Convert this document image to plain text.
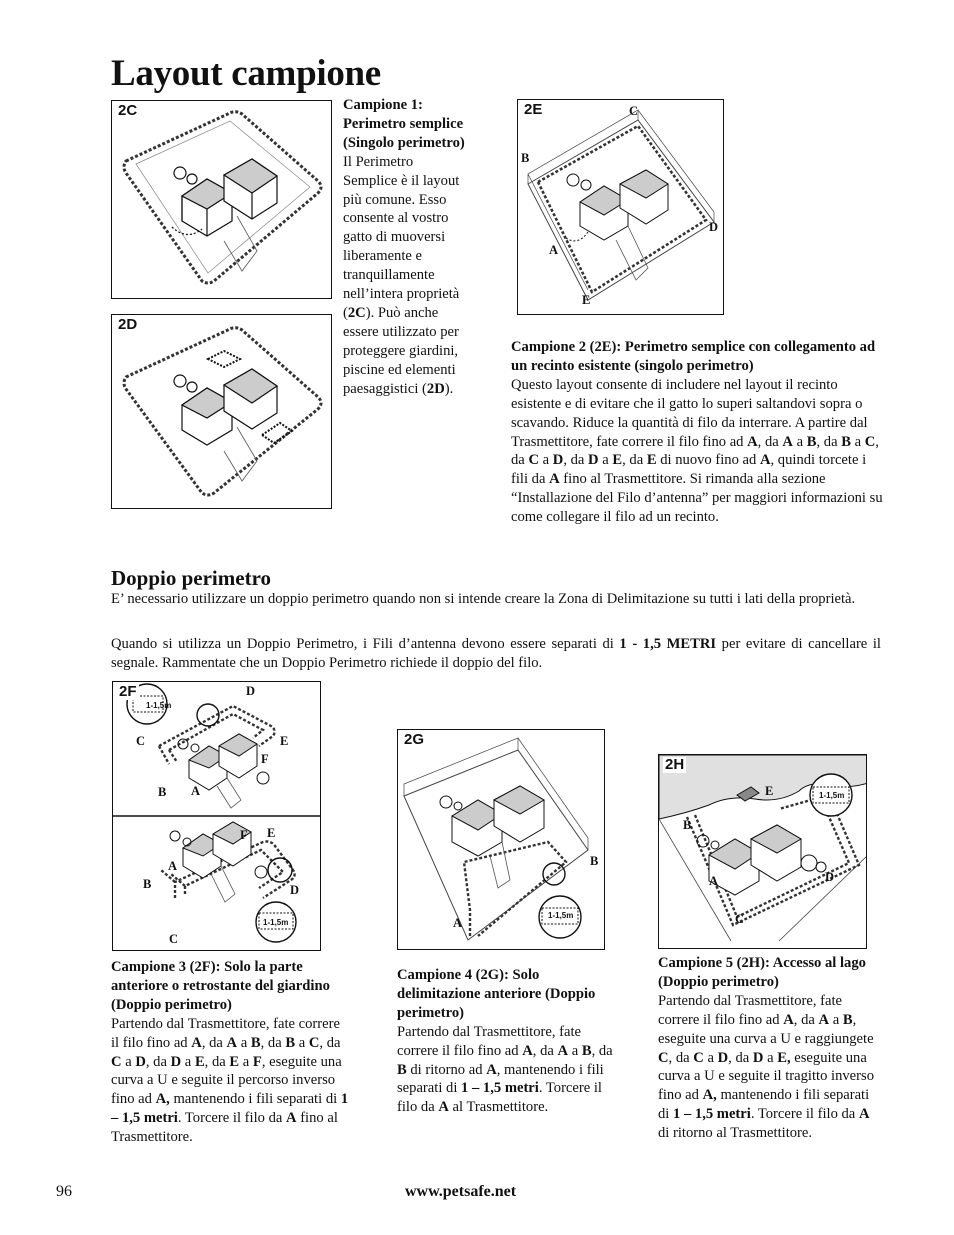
Layout campione
2C
2D

Campione 1: Perimetro semplice (Singolo perimetro)

Il Perimetro Semplice è il layout più comune. Esso consente al vostro gatto di muoversi liberamente e tranquillamente nell’intera proprietà (2C). Può anche essere utilizzato per proteggere giardini, piscine ed elementi paesaggistici (2D).

2E	C
B
D
A
E

Campione 2 (2E): Perimetro semplice con collegamento ad un recinto esistente (singolo perimetro)

Questo layout consente di includere nel layout il recinto esistente e di evitare che il gatto lo superi saltandovi sopra o scavando. Riduce la quantità di filo da interrare. A partire dal Trasmettitore, fate correre il filo fino ad A, da A a B, da B a C, da C a D, da D a E, da E di nuovo fino ad A, quindi torcete i fili da A fino al Trasmettitore. Si rimanda alla sezione “Installazione del Filo d’antenna” per maggiori informazioni su come collegare il filo ad un recinto.

Doppio perimetro

E’ necessario utilizzare un doppio perimetro quando non si intende creare la Zona di Delimitazione su tutti i lati della proprietà.

Quando si utilizza un Doppio Perimetro, i Fili d’antenna devono essere separati di 1 - 1,5 METRI per evitare di cancellare il segnale. Rammentate che un Doppio Perimetro richiede il doppio del filo.

2F
1-1,5m
1-1,5m
D
C	E
F
B A
F E
A
B	D
C

Campione 3 (2F): Solo la parte anteriore o retrostante del giardino (Doppio perimetro)

Partendo dal Trasmettitore, fate correre il filo fino ad A, da A a B, da B a C, da C a D, da D a E, da E a F, eseguite una curva a U e seguite il percorso inverso fino ad A, mantenendo i fili separati di 1 – 1,5 metri. Torcere il filo da A fino al Trasmettitore.

2G
1-1,5m
B
A

Campione 4 (2G): Solo delimitazione anteriore (Doppio perimetro)

Partendo dal Trasmettitore, fate correre il filo fino ad A, da A a B, da B di ritorno ad A, mantenendo i fili separati di 1 – 1,5 metri. Torcere il filo da A al Trasmettitore.

2H
1-1,5m
E
B
A	D
C

Campione 5 (2H): Accesso al lago (Doppio perimetro)

Partendo dal Trasmettitore, fate correre il filo fino ad A, da A a B, eseguite una curva a U e raggiungete C, da C a D, da D a E, eseguite una curva a U e seguite il tragitto inverso fino ad A, mantenendo i fili separati di 1 – 1,5 metri. Torcere il filo da A di ritorno al Trasmettitore.

96	www.petsafe.net
